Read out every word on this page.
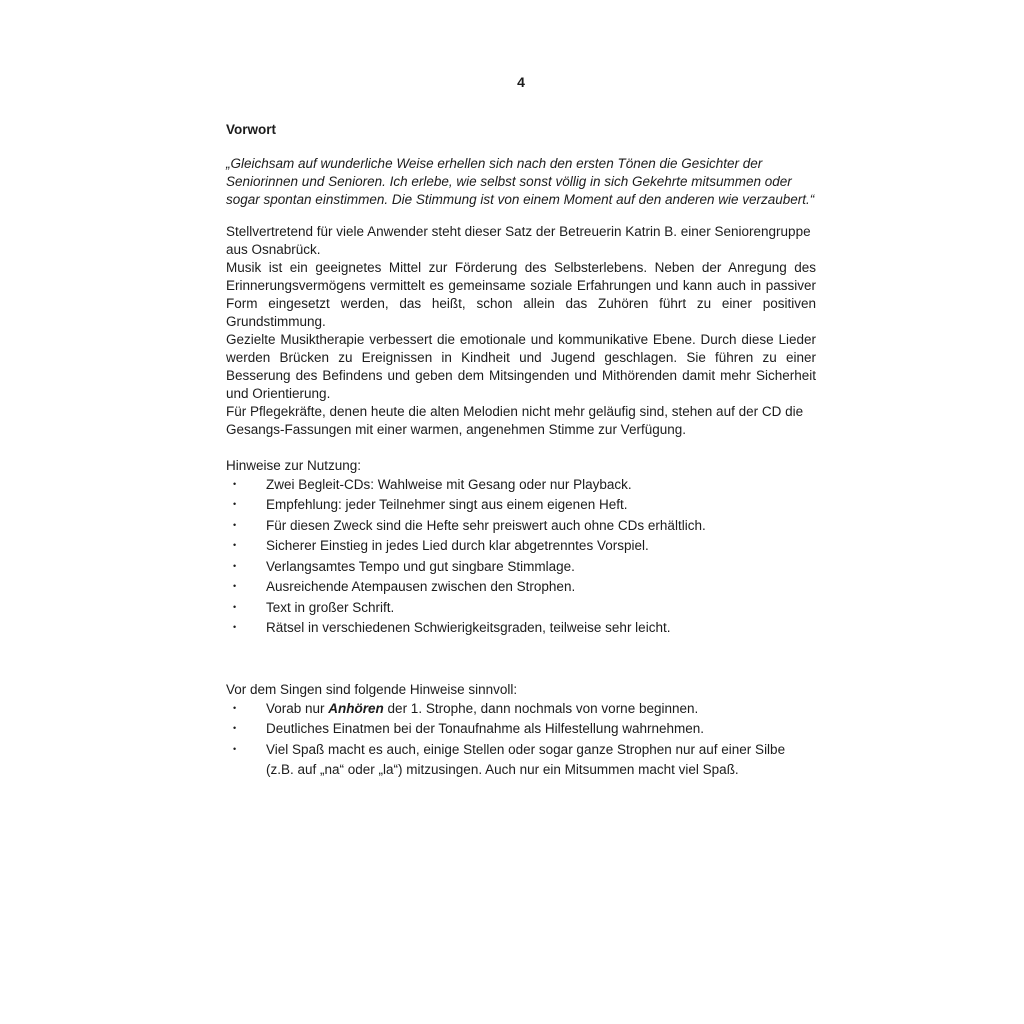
4
Vorwort

„Gleichsam auf wunderliche Weise erhellen sich nach den ersten Tönen die Gesichter der Seniorinnen und Senioren. Ich erlebe, wie selbst sonst völlig in sich Gekehrte mitsummen oder sogar spontan einstimmen. Die Stimmung ist von einem Moment auf den anderen wie verzaubert.“

Stellvertretend für viele Anwender steht dieser Satz der Betreuerin Katrin B. einer Seniorengruppe aus Osnabrück.

Musik ist ein geeignetes Mittel zur Förderung des Selbsterlebens. Neben der Anregung des Erinnerungsvermögens vermittelt es gemeinsame soziale Erfahrungen und kann auch in passiver Form eingesetzt werden, das heißt, schon allein das Zuhören führt zu einer positiven Grundstimmung.

Gezielte Musiktherapie verbessert die emotionale und kommunikative Ebene. Durch diese Lieder werden Brücken zu Ereignissen in Kindheit und Jugend geschlagen. Sie führen zu einer Besserung des Befindens und geben dem Mitsingenden und Mithörenden damit mehr Sicherheit und Orientierung.

Für Pflegekräfte, denen heute die alten Melodien nicht mehr geläufig sind, stehen auf der CD die Gesangs-Fassungen mit einer warmen, angenehmen Stimme zur Verfügung.

Hinweise zur Nutzung:
• Zwei Begleit-CDs: Wahlweise mit Gesang oder nur Playback.
• Empfehlung: jeder Teilnehmer singt aus einem eigenen Heft.
• Für diesen Zweck sind die Hefte sehr preiswert auch ohne CDs erhältlich.
• Sicherer Einstieg in jedes Lied durch klar abgetrenntes Vorspiel.
• Verlangsamtes Tempo und gut singbare Stimmlage.
• Ausreichende Atempausen zwischen den Strophen.
• Text in großer Schrift.
• Rätsel in verschiedenen Schwierigkeitsgraden, teilweise sehr leicht.
Vor dem Singen sind folgende Hinweise sinnvoll:
• Vorab nur Anhören der 1. Strophe, dann nochmals von vorne beginnen.
• Deutliches Einatmen bei der Tonaufnahme als Hilfestellung wahrnehmen.
• Viel Spaß macht es auch, einige Stellen oder sogar ganze Strophen nur auf einer Silbe (z.B. auf „na“ oder „la“) mitzusingen. Auch nur ein Mitsummen macht viel Spaß.
